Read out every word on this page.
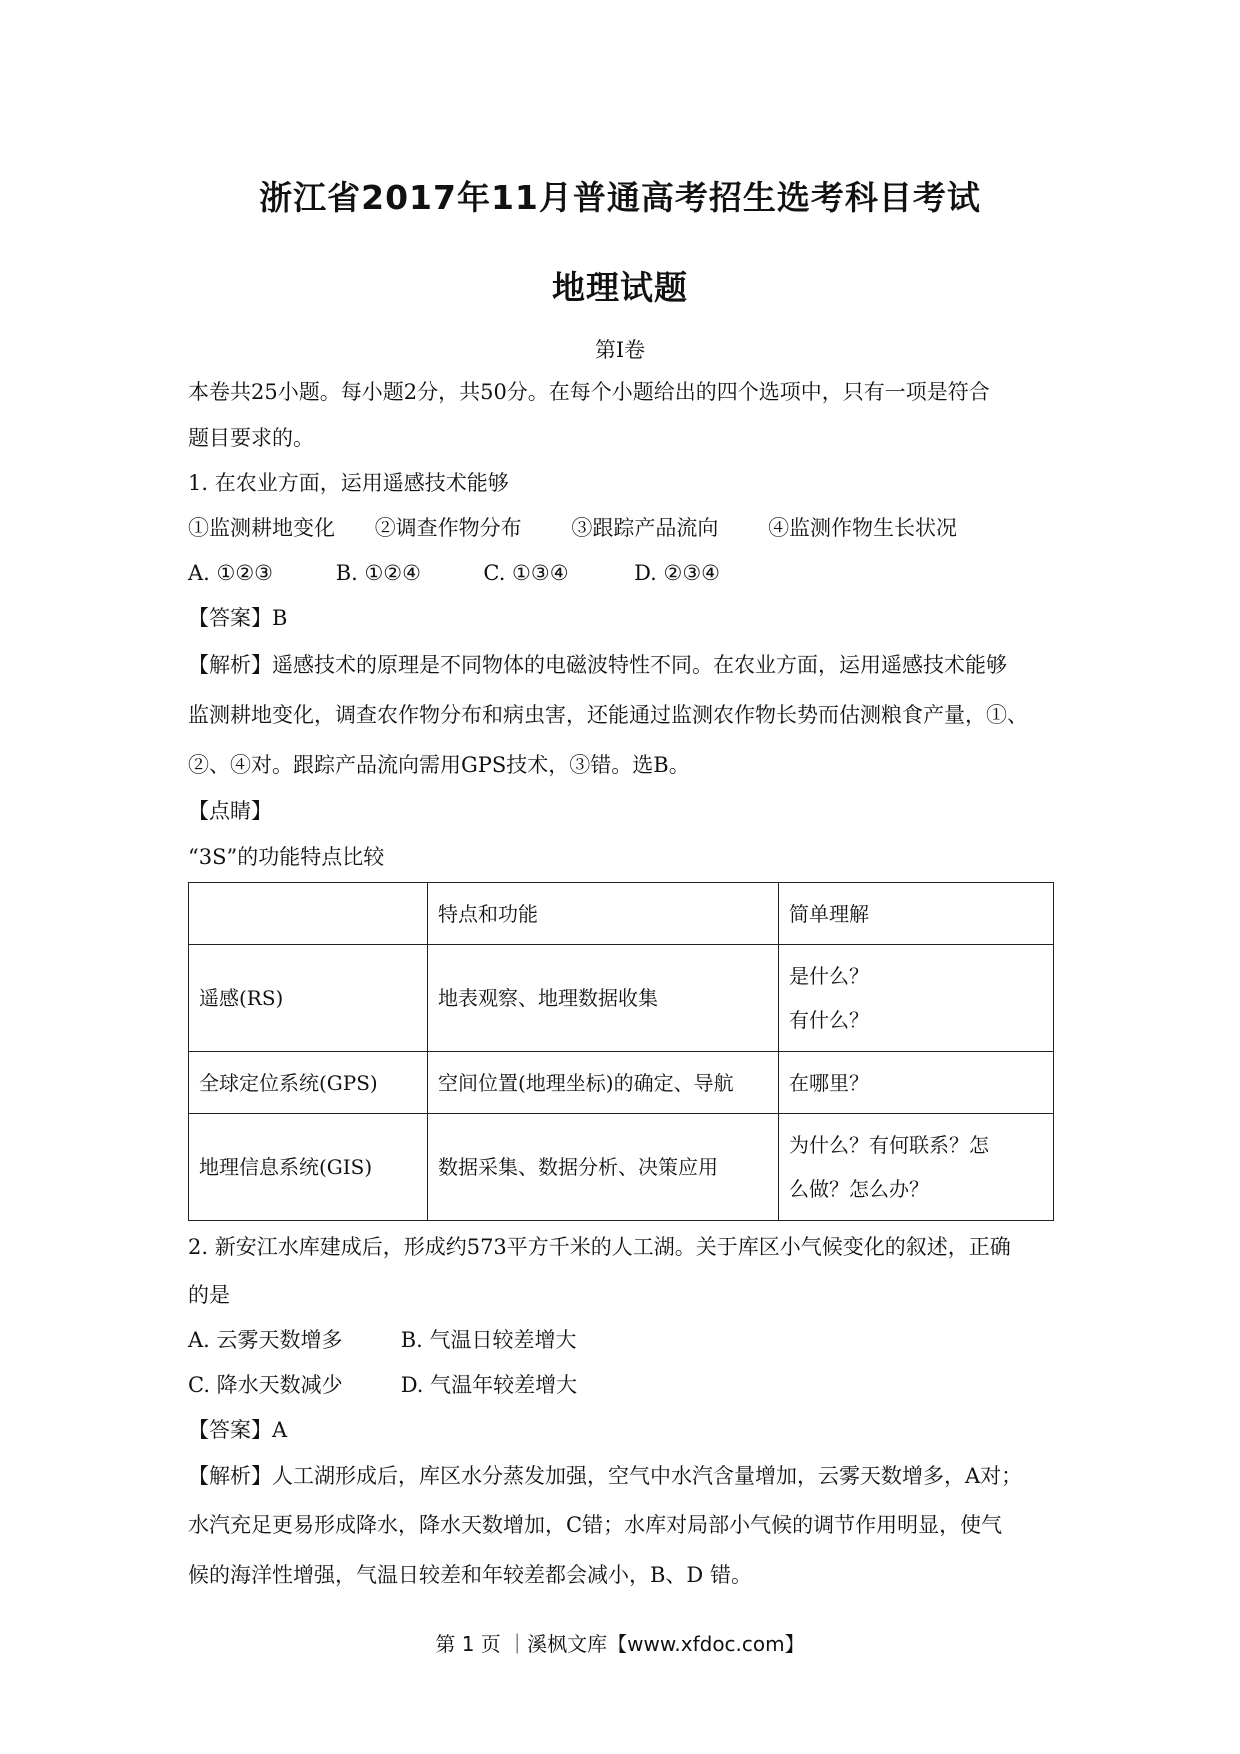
浙江省2017年11月普通高考招生选考科目考试
地理试题
第Ⅰ卷
本卷共25小题。每小题2分，共50分。在每个小题给出的四个选项中，只有一项是符合
题目要求的。
1. 在农业方面，运用遥感技术能够
①监测耕地变化 ②调查作物分布 ③跟踪产品流向 ④监测作物生长状况
A. ①②③	B. ①②④	C. ①③④	D. ②③④
【答案】B
【解析】遥感技术的原理是不同物体的电磁波特性不同。在农业方面，运用遥感技术能够
监测耕地变化，调查农作物分布和病虫害，还能通过监测农作物长势而估测粮食产量，①、
②、④对。跟踪产品流向需用GPS技术，③错。选B。
【点睛】
“3S”的功能特点比较
	特点和功能	简单理解
遥感(RS)	地表观察、地理数据收集	是什么？
有什么？

全球定位系统(GPS)	空间位置(地理坐标)的确定、导航	在哪里？
地理信息系统(GIS)	数据采集、数据分析、决策应用	为什么？有何联系？怎
么做？怎么办？
2. 新安江水库建成后，形成约573平方千米的人工湖。关于库区小气候变化的叙述，正确
的是
A. 云雾天数增多	B. 气温日较差增大
C. 降水天数减少	D. 气温年较差增大
【答案】A
【解析】人工湖形成后，库区水分蒸发加强，空气中水汽含量增加，云雾天数增多，A对；
水汽充足更易形成降水，降水天数增加，C错；水库对局部小气候的调节作用明显，使气
候的海洋性增强，气温日较差和年较差都会减小，B、D 错。
第 1 页 ｜溪枫文库【www.xfdoc.com】
